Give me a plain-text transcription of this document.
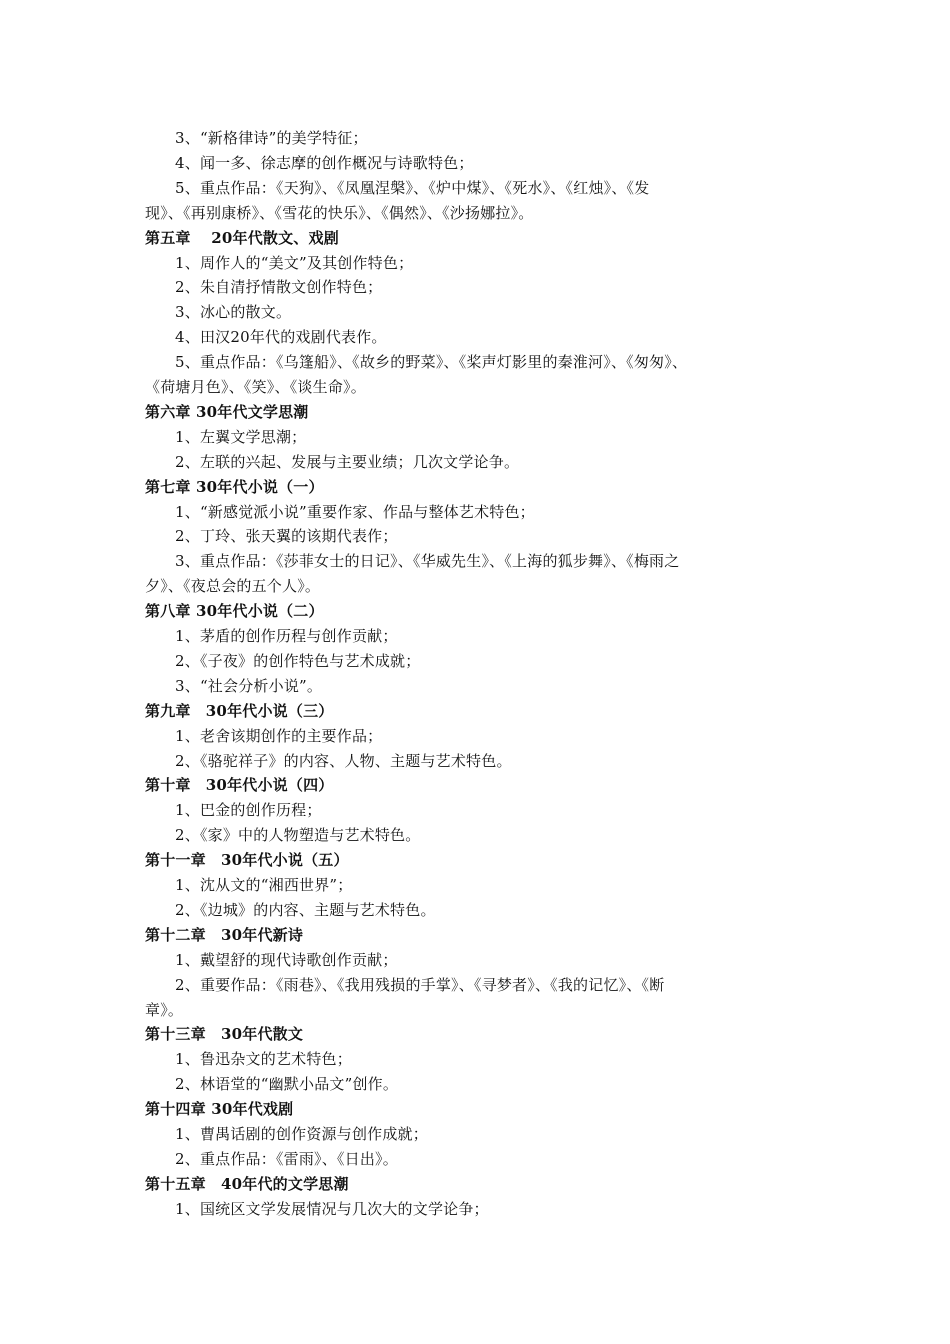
3、“新格律诗”的美学特征；
4、闻一多、徐志摩的创作概况与诗歌特色；
5、重点作品：《天狗》、《凤凰涅槃》、《炉中煤》、《死水》、《红烛》、《发
现》、《再别康桥》、《雪花的快乐》、《偶然》、《沙扬娜拉》。
第五章　 20年代散文、戏剧
1、周作人的“美文”及其创作特色；
2、朱自清抒情散文创作特色；
3、冰心的散文。
4、田汉20年代的戏剧代表作。
5、重点作品：《乌篷船》、《故乡的野菜》、《桨声灯影里的秦淮河》、《匆匆》、
《荷塘月色》、《笑》、《谈生命》。
第六章 30年代文学思潮
1、左翼文学思潮；
2、左联的兴起、发展与主要业绩；几次文学论争。
第七章 30年代小说（一）
1、“新感觉派小说”重要作家、作品与整体艺术特色；
2、丁玲、张天翼的该期代表作；
3、重点作品：《莎菲女士的日记》、《华威先生》、《上海的狐步舞》、《梅雨之
夕》、《夜总会的五个人》。
第八章 30年代小说（二）
1、茅盾的创作历程与创作贡献；
2、《子夜》的创作特色与艺术成就；
3、“社会分析小说”。
第九章　30年代小说（三）
1、老舍该期创作的主要作品；
2、《骆驼祥子》的内容、人物、主题与艺术特色。
第十章　30年代小说（四）
1、巴金的创作历程；
2、《家》中的人物塑造与艺术特色。
第十一章　30年代小说（五）
1、沈从文的“湘西世界”；
2、《边城》的内容、主题与艺术特色。
第十二章　30年代新诗
1、戴望舒的现代诗歌创作贡献；
2、重要作品：《雨巷》、《我用残损的手掌》、《寻梦者》、《我的记忆》、《断
章》。
第十三章　30年代散文
1、鲁迅杂文的艺术特色；
2、林语堂的“幽默小品文”创作。
第十四章 30年代戏剧
1、曹禺话剧的创作资源与创作成就；
2、重点作品：《雷雨》、《日出》。
第十五章　40年代的文学思潮
1、国统区文学发展情况与几次大的文学论争；
